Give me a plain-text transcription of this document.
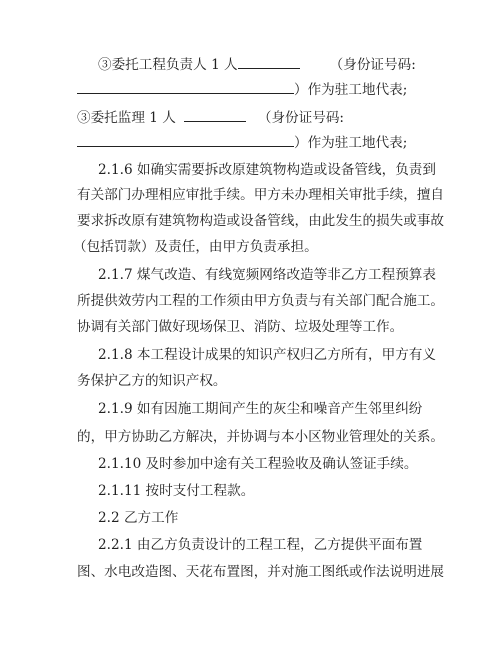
③委托工程负责人 1 人	（身份证号码:
）作为驻工地代表;
③委托监理 1 人	（身份证号码:
）作为驻工地代表;
2.1.6 如确实需要拆改原建筑物构造或设备管线，负责到
有关部门办理相应审批手续。甲方未办理相关审批手续，擅自
要求拆改原有建筑物构造或设备管线，由此发生的损失或事故
（包括罚款）及责任，由甲方负责承担。
2.1.7 煤气改造、有线宽频网络改造等非乙方工程预算表
所提供效劳内工程的工作须由甲方负责与有关部门配合施工。
协调有关部门做好现场保卫、消防、垃圾处理等工作。
2.1.8 本工程设计成果的知识产权归乙方所有，甲方有义
务保护乙方的知识产权。
2.1.9 如有因施工期间产生的灰尘和噪音产生邻里纠纷
的，甲方协助乙方解决，并协调与本小区物业管理处的关系。
2.1.10 及时参加中途有关工程验收及确认签证手续。
2.1.11 按时支付工程款。
2.2 乙方工作
2.2.1 由乙方负责设计的工程工程，乙方提供平面布置
图、水电改造图、天花布置图，并对施工图纸或作法说明进展
